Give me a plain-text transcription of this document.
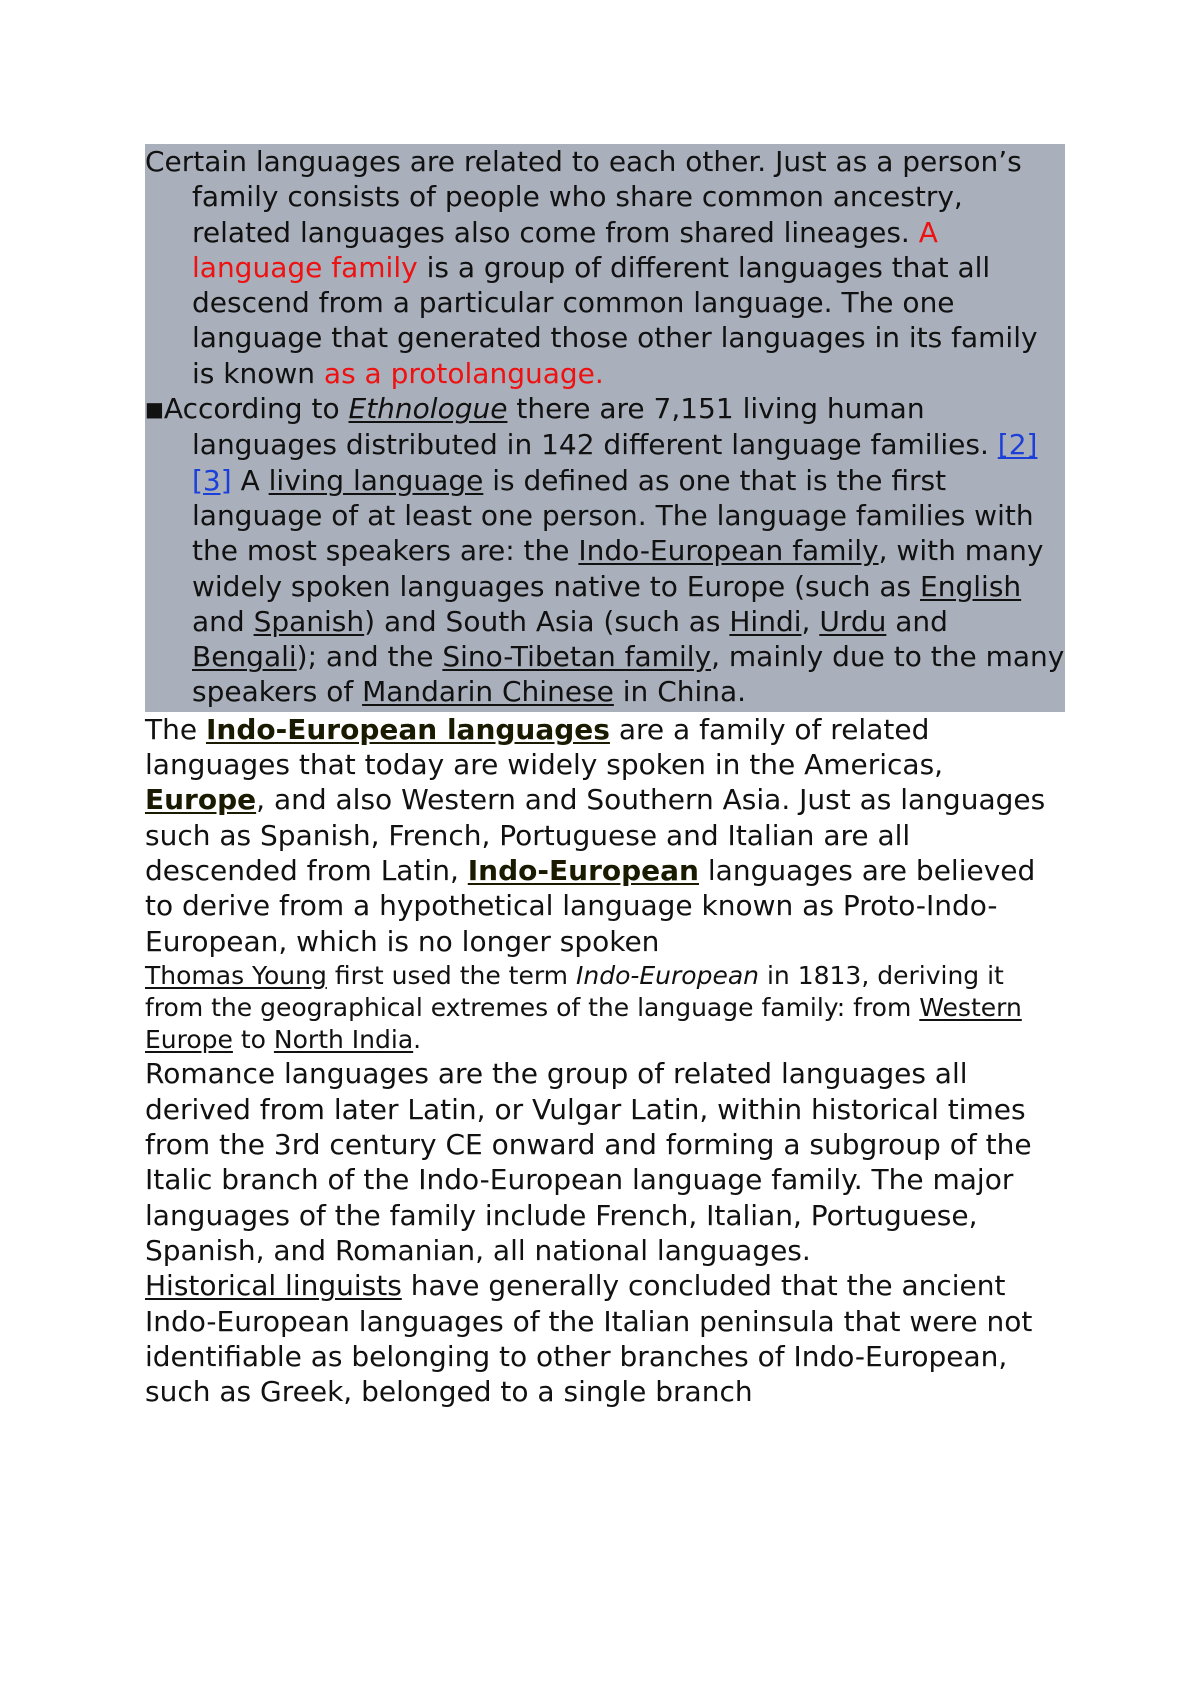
Certain languages are related to each other. Just as a person’s family consists of people who share common ancestry, related languages also come from shared lineages. A language family is a group of different languages that all descend from a particular common language. The one language that generated those other languages in its family is known as a protolanguage.

■According to Ethnologue there are 7,151 living human languages distributed in 142 different language families. [2][3] A living language is defined as one that is the first language of at least one person. The language families with the most speakers are: the Indo-European family, with many widely spoken languages native to Europe (such as English and Spanish) and South Asia (such as Hindi, Urdu and Bengali); and the Sino-Tibetan family, mainly due to the many speakers of Mandarin Chinese in China.

The Indo-European languages are a family of related languages that today are widely spoken in the Americas, Europe, and also Western and Southern Asia. Just as languages such as Spanish, French, Portuguese and Italian are all descended from Latin, Indo-European languages are believed to derive from a hypothetical language known as Proto-Indo-European, which is no longer spoken

Thomas Young first used the term Indo-European in 1813, deriving it from the geographical extremes of the language family: from Western Europe to North India.

Romance languages are the group of related languages all derived from later Latin, or Vulgar Latin, within historical times from the 3rd century CE onward and forming a subgroup of the Italic branch of the Indo-European language family. The major languages of the family include French, Italian, Portuguese, Spanish, and Romanian, all national languages.

Historical linguists have generally concluded that the ancient Indo-European languages of the Italian peninsula that were not identifiable as belonging to other branches of Indo-European, such as Greek, belonged to a single branch
